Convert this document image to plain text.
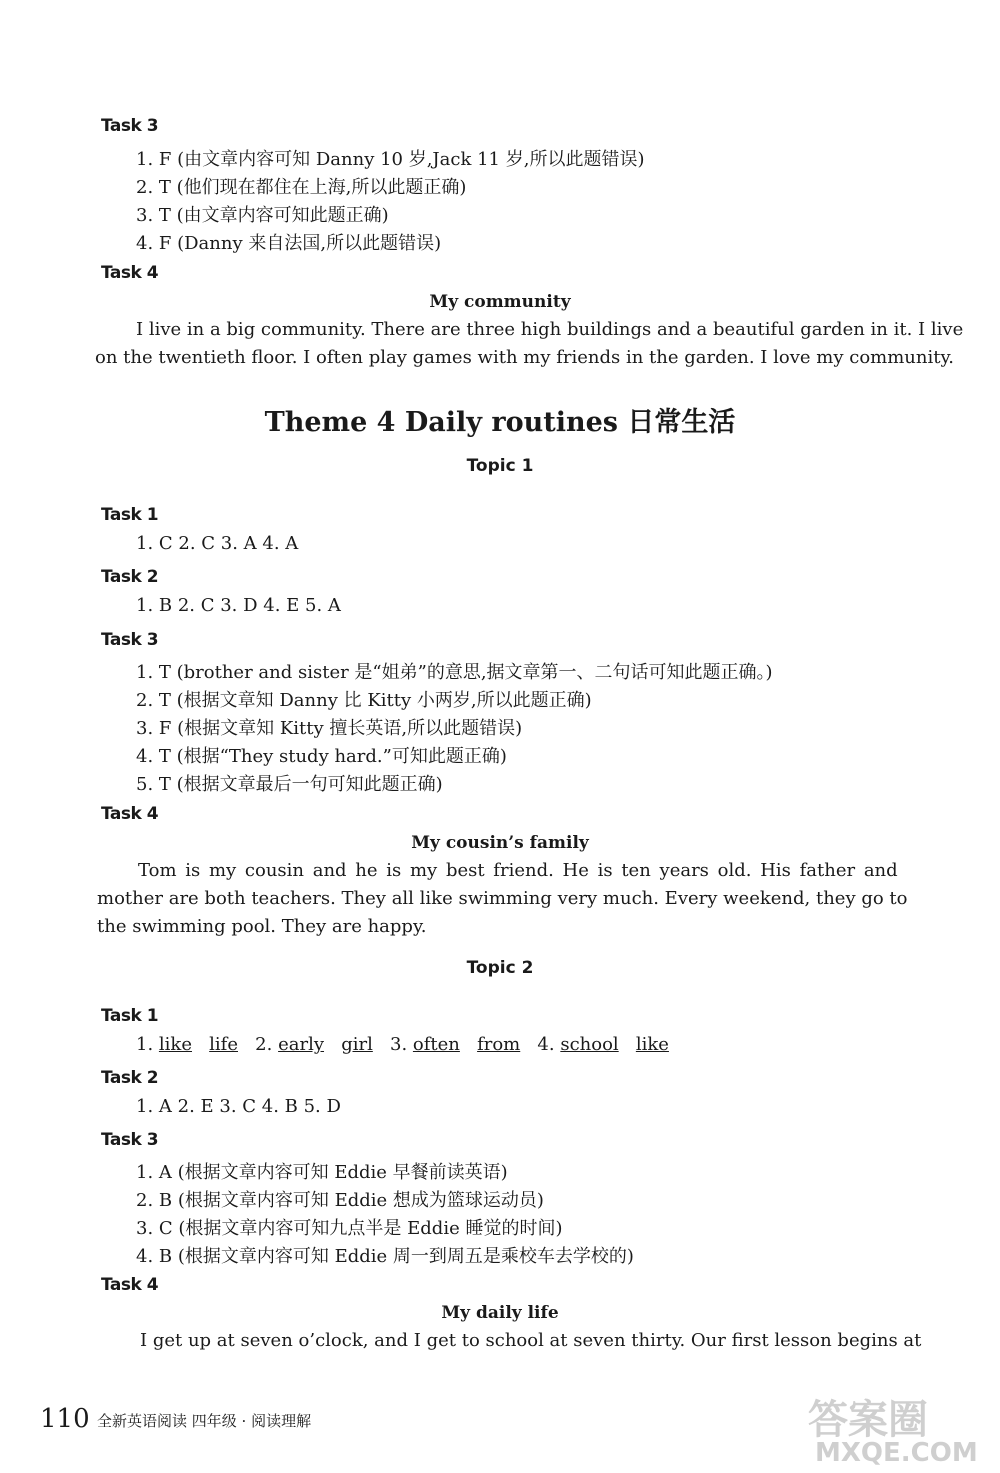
Task 3
1. F (由文章内容可知 Danny 10 岁,Jack 11 岁,所以此题错误)
2. T (他们现在都住在上海,所以此题正确)
3. T (由文章内容可知此题正确)
4. F (Danny 来自法国,所以此题错误)
Task 4
My community
I live in a big community. There are three high buildings and a beautiful garden in it. I live
on the twentieth floor. I often play games with my friends in the garden. I love my community.
Theme 4 Daily routines 日常生活
Topic 1
Task 1
1. C 2. C 3. A 4. A
Task 2
1. B 2. C 3. D 4. E 5. A
Task 3
1. T (brother and sister 是“姐弟”的意思,据文章第一、二句话可知此题正确。)
2. T (根据文章知 Danny 比 Kitty 小两岁,所以此题正确)
3. F (根据文章知 Kitty 擅长英语,所以此题错误)
4. T (根据“They study hard.”可知此题正确)
5. T (根据文章最后一句可知此题正确)
Task 4
My cousin’s family
Tom is my cousin and he is my best friend. He is ten years old. His father and
mother are both teachers. They all like swimming very much. Every weekend, they go to
the swimming pool. They are happy.
Topic 2
Task 1
1. like life 2. early girl 3. often from 4. school like
Task 2
1. A 2. E 3. C 4. B 5. D
Task 3
1. A (根据文章内容可知 Eddie 早餐前读英语)
2. B (根据文章内容可知 Eddie 想成为篮球运动员)
3. C (根据文章内容可知九点半是 Eddie 睡觉的时间)
4. B (根据文章内容可知 Eddie 周一到周五是乘校车去学校的)
Task 4
My daily life
I get up at seven o’clock, and I get to school at seven thirty. Our first lesson begins at
110 全新英语阅读 四年级 · 阅读理解	答案圈
MXQE.COM
